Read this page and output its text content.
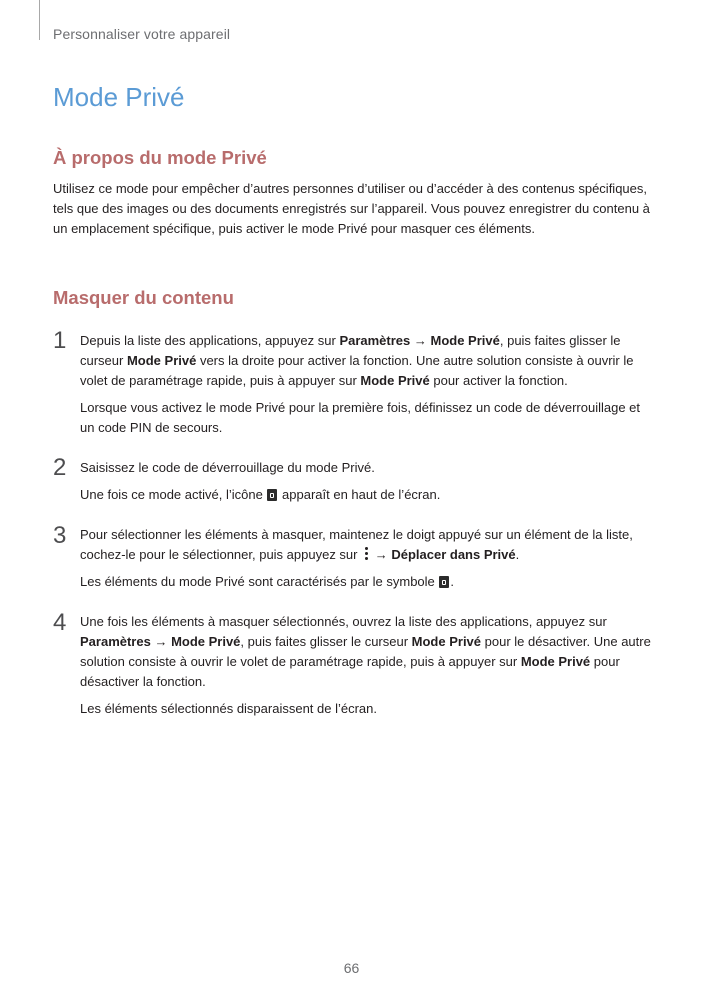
Personnaliser votre appareil
Mode Privé
À propos du mode Privé

Utilisez ce mode pour empêcher d’autres personnes d’utiliser ou d’accéder à des contenus spécifiques, tels que des images ou des documents enregistrés sur l’appareil. Vous pouvez enregistrer du contenu à un emplacement spécifique, puis activer le mode Privé pour masquer ces éléments.

Masquer du contenu
1 Depuis la liste des applications, appuyez sur Paramètres → Mode Privé, puis faites glisser le curseur Mode Privé vers la droite pour activer la fonction. Une autre solution consiste à ouvrir le volet de paramétrage rapide, puis à appuyer sur Mode Privé pour activer la fonction.

Lorsque vous activez le mode Privé pour la première fois, définissez un code de déverrouillage et un code PIN de secours.

2 Saisissez le code de déverrouillage du mode Privé.

Une fois ce mode activé, l’icône  apparaît en haut de l’écran.

3 Pour sélectionner les éléments à masquer, maintenez le doigt appuyé sur un élément de la liste, cochez-le pour le sélectionner, puis appuyez sur
→ Déplacer dans Privé.

Les éléments du mode Privé sont caractérisés par le symbole .

4 Une fois les éléments à masquer sélectionnés, ouvrez la liste des applications, appuyez sur Paramètres → Mode Privé, puis faites glisser le curseur Mode Privé pour le désactiver. Une autre solution consiste à ouvrir le volet de paramétrage rapide, puis à appuyer sur Mode Privé pour désactiver la fonction.

Les éléments sélectionnés disparaissent de l’écran.

66
